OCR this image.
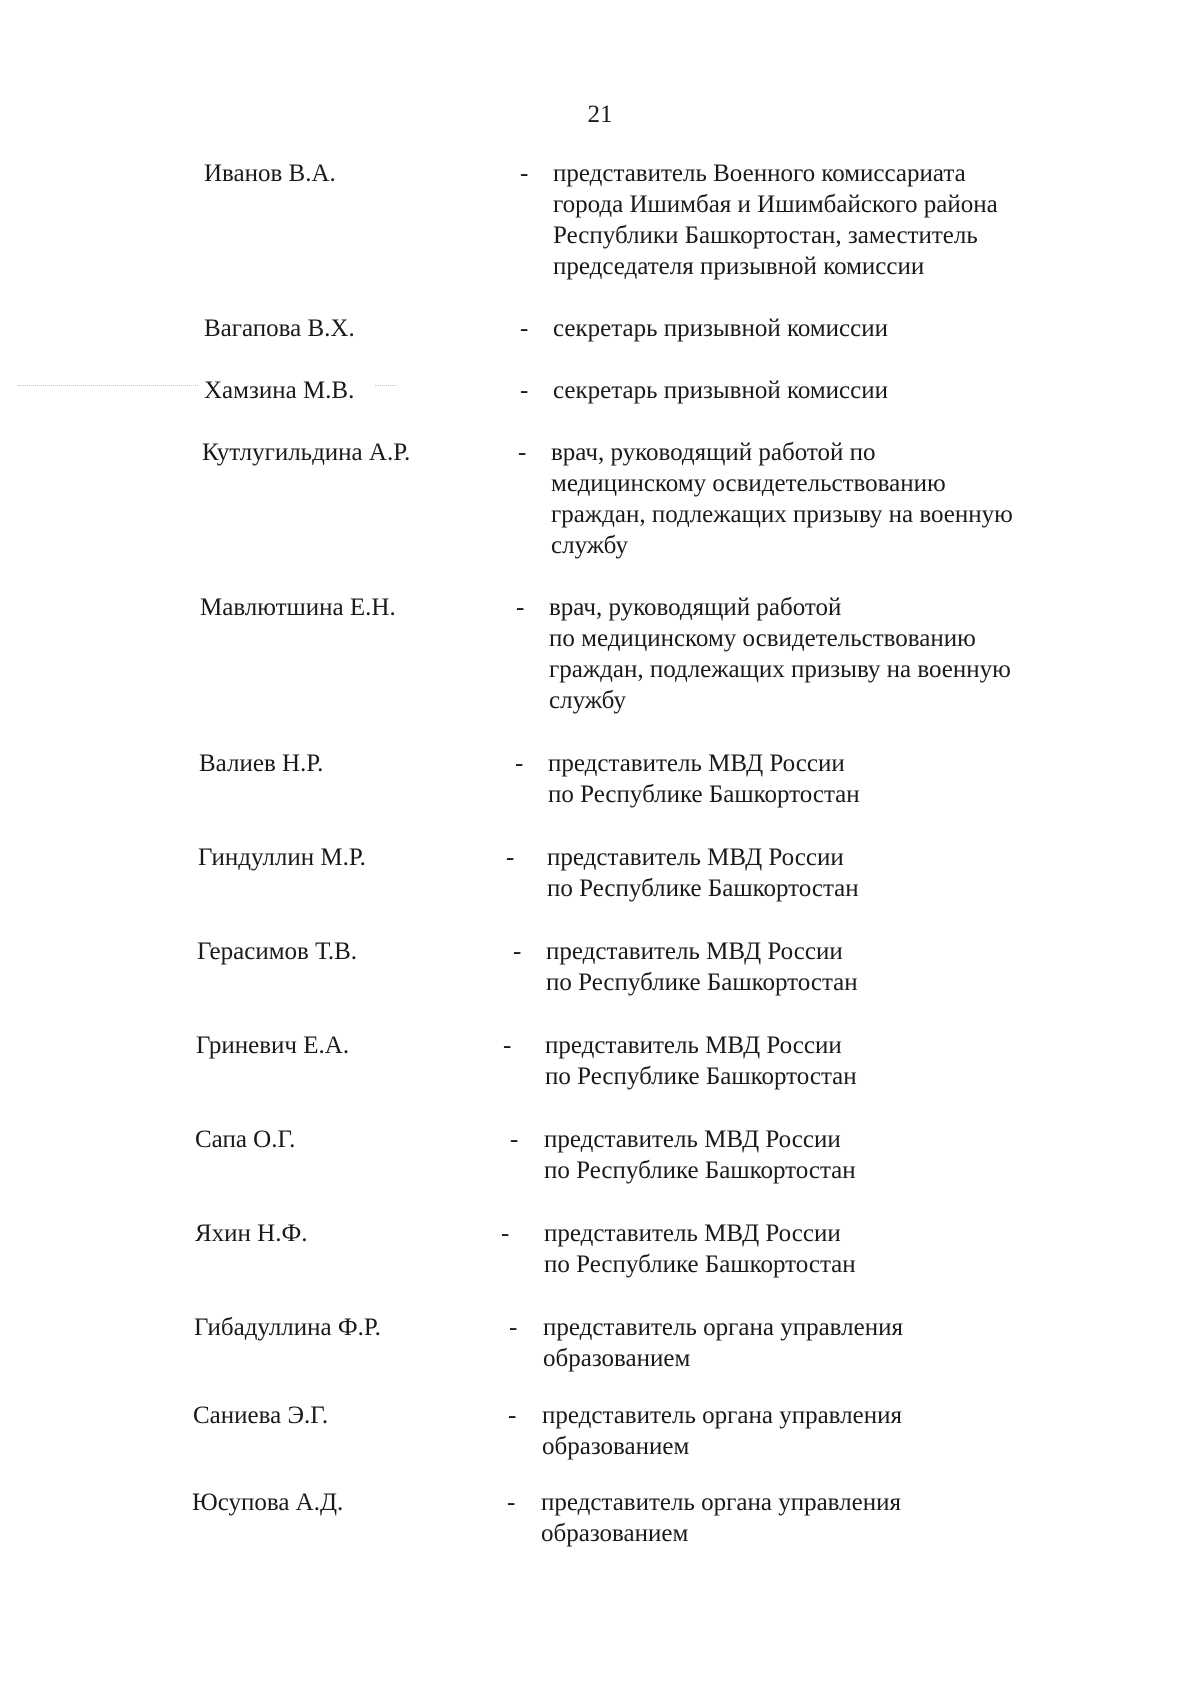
21
Иванов В.А.	- представитель Военного комиссариата
города Ишимбая и Ишимбайского района
Республики Башкортостан, заместитель
председателя призывной комиссии
Вагапова В.Х.	- секретарь призывной комиссии
Хамзина М.В.	- секретарь призывной комиссии
Кутлугильдина А.Р.	- врач, руководящий работой по
медицинскому освидетельствованию
граждан, подлежащих призыву на военную
службу
Мавлютшина Е.Н.	- врач, руководящий работой
по медицинскому освидетельствованию
граждан, подлежащих призыву на военную
службу
Валиев Н.Р.	- представитель МВД России
по Республике Башкортостан
Гиндуллин М.Р.	- представитель МВД России
по Республике Башкортостан
Герасимов Т.В.	- представитель МВД России
по Республике Башкортостан
Гриневич Е.А.	- представитель МВД России
по Республике Башкортостан
Сапа О.Г.	- представитель МВД России
по Республике Башкортостан
Яхин Н.Ф.	- представитель МВД России
по Республике Башкортостан
Гибадуллина Ф.Р.	- представитель органа управления
образованием
Саниева Э.Г.	- представитель органа управления
образованием
Юсупова А.Д.	- представитель органа управления
образованием
